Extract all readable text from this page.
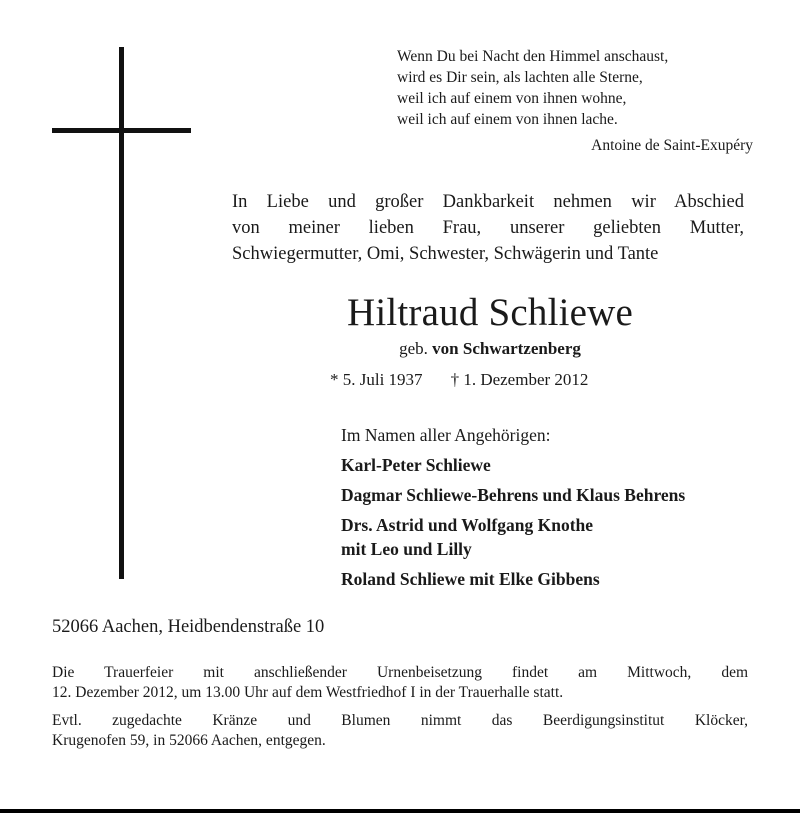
Wenn Du bei Nacht den Himmel anschaust,
wird es Dir sein, als lachten alle Sterne,
weil ich auf einem von ihnen wohne,
weil ich auf einem von ihnen lache.
Antoine de Saint-Exupéry
In Liebe und großer Dankbarkeit nehmen wir Abschied
von meiner lieben Frau, unserer geliebten Mutter,
Schwiegermutter, Omi, Schwester, Schwägerin und Tante
Hiltraud Schliewe
geb. von Schwartzenberg
* 5. Juli 1937 † 1. Dezember 2012
Im Namen aller Angehörigen:
Karl-Peter Schliewe
Dagmar Schliewe-Behrens und Klaus Behrens
Drs. Astrid und Wolfgang Knothe
mit Leo und Lilly
Roland Schliewe mit Elke Gibbens
52066 Aachen, Heidbendenstraße 10
Die Trauerfeier mit anschließender Urnenbeisetzung findet am Mittwoch, dem
12. Dezember 2012, um 13.00 Uhr auf dem Westfriedhof I in der Trauerhalle statt.
Evtl. zugedachte Kränze und Blumen nimmt das Beerdigungsinstitut Klöcker,
Krugenofen 59, in 52066 Aachen, entgegen.
